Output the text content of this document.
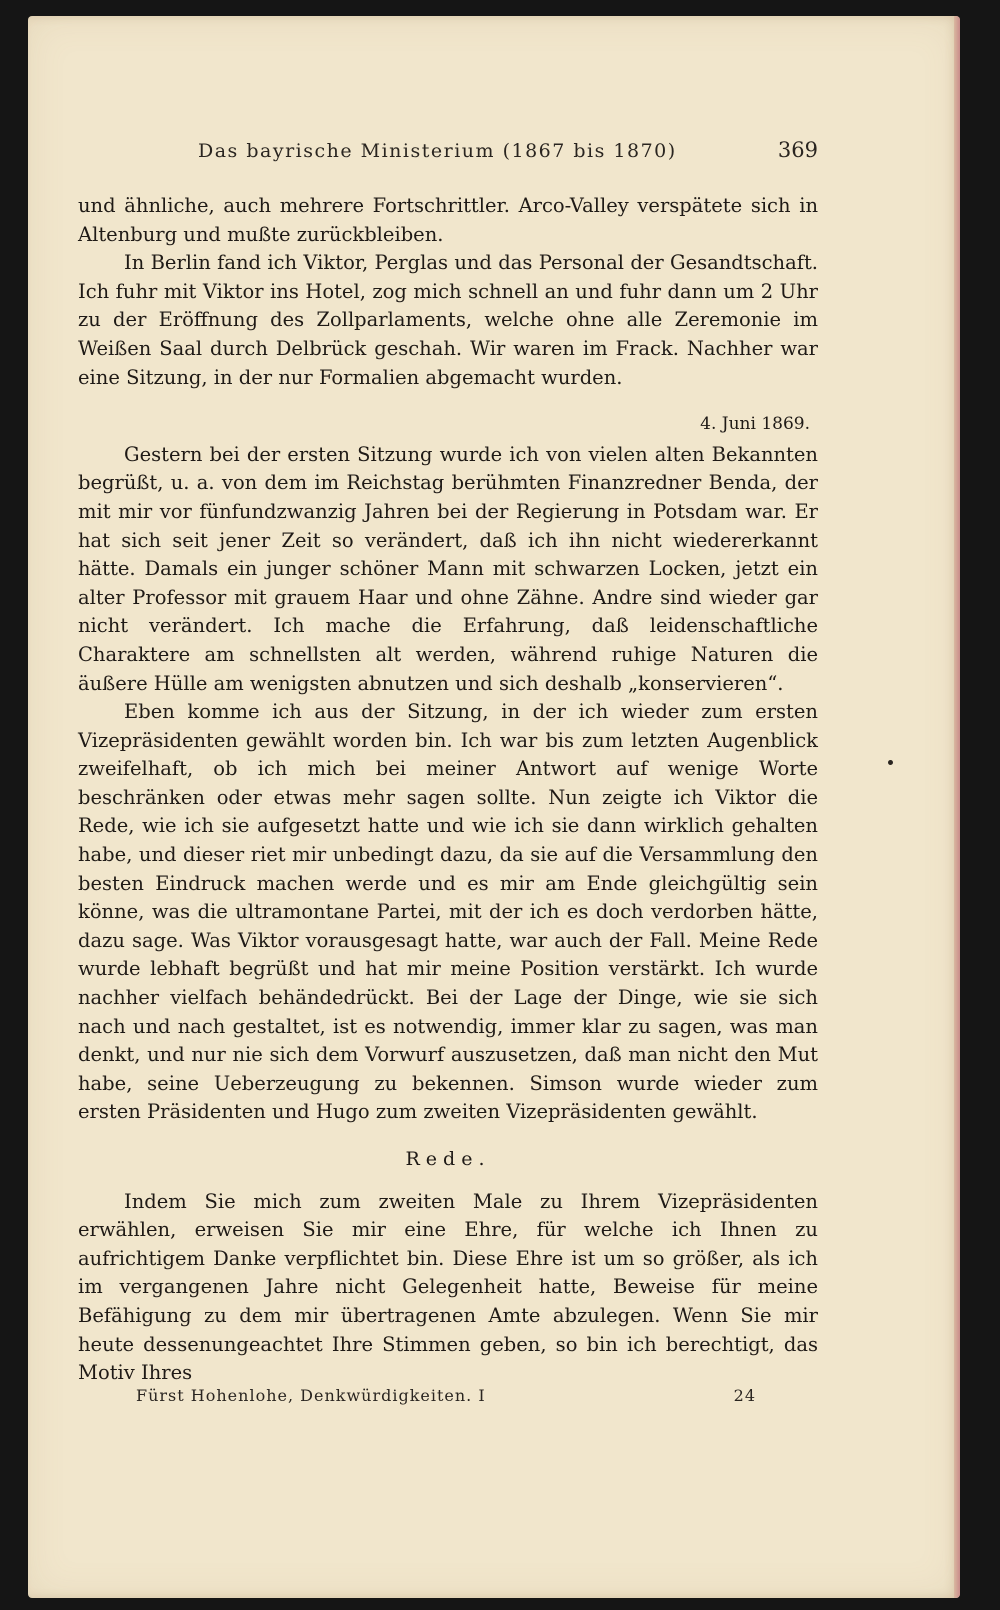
Das bayrische Ministerium (1867 bis 1870)	369

und ähnliche, auch mehrere Fortschrittler. Arco-Valley verspätete sich in Altenburg und mußte zurückbleiben.

In Berlin fand ich Viktor, Perglas und das Personal der Gesandtschaft. Ich fuhr mit Viktor ins Hotel, zog mich schnell an und fuhr dann um 2 Uhr zu der Eröffnung des Zollparlaments, welche ohne alle Zeremonie im Weißen Saal durch Delbrück geschah. Wir waren im Frack. Nachher war eine Sitzung, in der nur Formalien abgemacht wurden.

4. Juni 1869.

Gestern bei der ersten Sitzung wurde ich von vielen alten Bekannten begrüßt, u. a. von dem im Reichstag berühmten Finanzredner Benda, der mit mir vor fünfundzwanzig Jahren bei der Regierung in Potsdam war. Er hat sich seit jener Zeit so verändert, daß ich ihn nicht wiedererkannt hätte. Damals ein junger schöner Mann mit schwarzen Locken, jetzt ein alter Professor mit grauem Haar und ohne Zähne. Andre sind wieder gar nicht verändert. Ich mache die Erfahrung, daß leidenschaftliche Charaktere am schnellsten alt werden, während ruhige Naturen die äußere Hülle am wenigsten abnutzen und sich deshalb „konservieren“.

Eben komme ich aus der Sitzung, in der ich wieder zum ersten Vizepräsidenten gewählt worden bin. Ich war bis zum letzten Augenblick zweifelhaft, ob ich mich bei meiner Antwort auf wenige Worte beschränken oder etwas mehr sagen sollte. Nun zeigte ich Viktor die Rede, wie ich sie aufgesetzt hatte und wie ich sie dann wirklich gehalten habe, und dieser riet mir unbedingt dazu, da sie auf die Versammlung den besten Eindruck machen werde und es mir am Ende gleichgültig sein könne, was die ultramontane Partei, mit der ich es doch verdorben hätte, dazu sage. Was Viktor vorausgesagt hatte, war auch der Fall. Meine Rede wurde lebhaft begrüßt und hat mir meine Position verstärkt. Ich wurde nachher vielfach behändedrückt. Bei der Lage der Dinge, wie sie sich nach und nach gestaltet, ist es notwendig, immer klar zu sagen, was man denkt, und nur nie sich dem Vorwurf auszusetzen, daß man nicht den Mut habe, seine Ueberzeugung zu bekennen. Simson wurde wieder zum ersten Präsidenten und Hugo zum zweiten Vizepräsidenten gewählt.

Rede.

Indem Sie mich zum zweiten Male zu Ihrem Vizepräsidenten erwählen, erweisen Sie mir eine Ehre, für welche ich Ihnen zu aufrichtigem Danke verpflichtet bin. Diese Ehre ist um so größer, als ich im vergangenen Jahre nicht Gelegenheit hatte, Beweise für meine Befähigung zu dem mir übertragenen Amte abzulegen. Wenn Sie mir heute dessenungeachtet Ihre Stimmen geben, so bin ich berechtigt, das Motiv Ihres

Fürst Hohenlohe, Denkwürdigkeiten. I	24
